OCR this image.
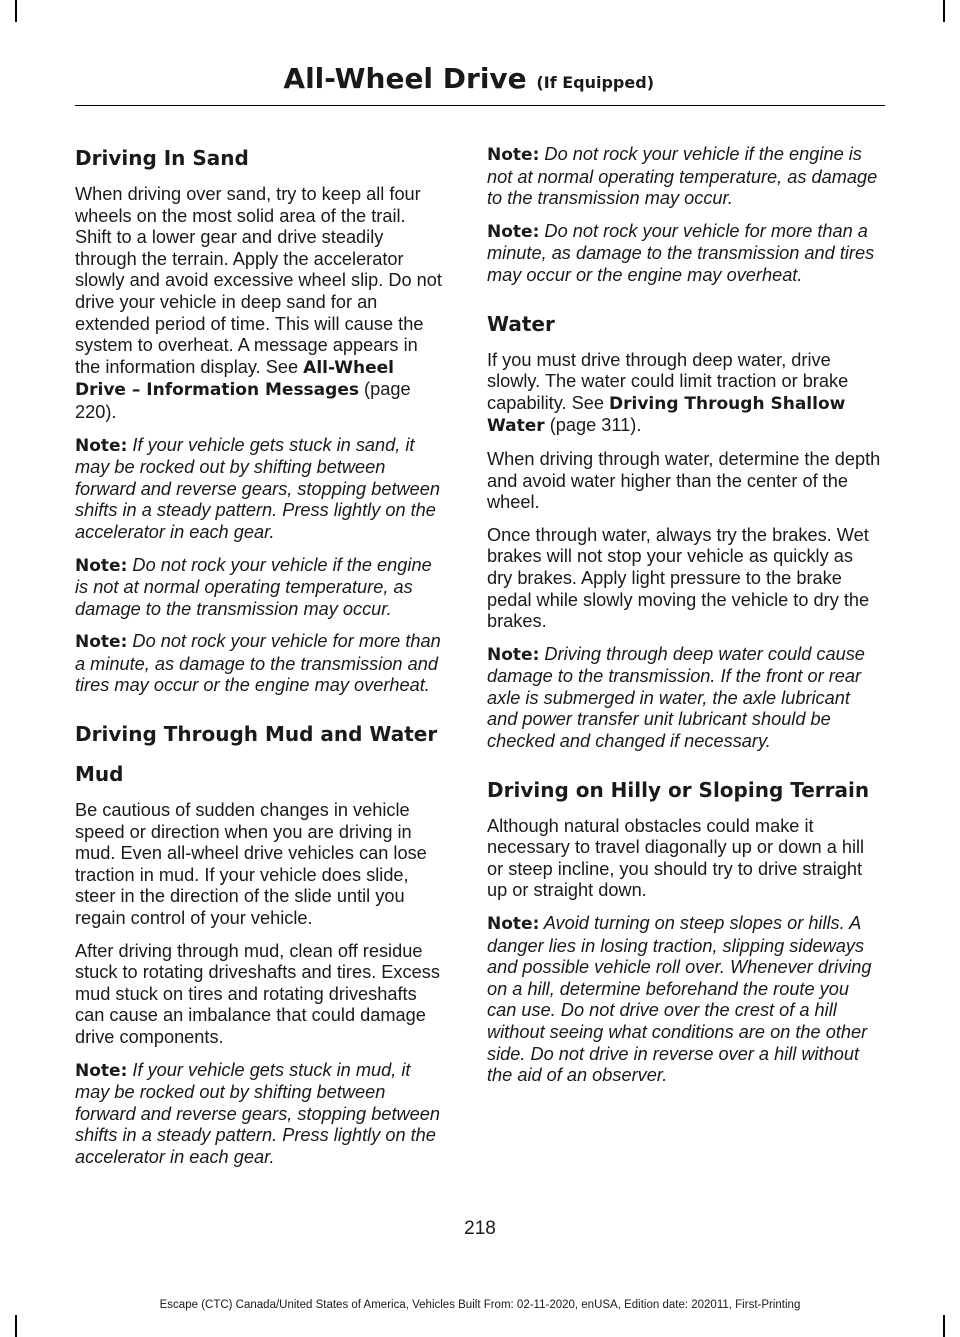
All-Wheel Drive (If Equipped)
Driving In Sand

When driving over sand, try to keep all four wheels on the most solid area of the trail. Shift to a lower gear and drive steadily through the terrain. Apply the accelerator slowly and avoid excessive wheel slip. Do not drive your vehicle in deep sand for an extended period of time. This will cause the system to overheat. A message appears in the information display. See All-Wheel Drive – Information Messages (page 220).

Note: If your vehicle gets stuck in sand, it may be rocked out by shifting between forward and reverse gears, stopping between shifts in a steady pattern. Press lightly on the accelerator in each gear.

Note: Do not rock your vehicle if the engine is not at normal operating temperature, as damage to the transmission may occur.

Note: Do not rock your vehicle for more than a minute, as damage to the transmission and tires may occur or the engine may overheat.

Driving Through Mud and Water
Mud

Be cautious of sudden changes in vehicle speed or direction when you are driving in mud. Even all-wheel drive vehicles can lose traction in mud. If your vehicle does slide, steer in the direction of the slide until you regain control of your vehicle.

After driving through mud, clean off residue stuck to rotating driveshafts and tires. Excess mud stuck on tires and rotating driveshafts can cause an imbalance that could damage drive components.

Note: If your vehicle gets stuck in mud, it may be rocked out by shifting between forward and reverse gears, stopping between shifts in a steady pattern. Press lightly on the accelerator in each gear.

Note: Do not rock your vehicle if the engine is not at normal operating temperature, as damage to the transmission may occur.

Note: Do not rock your vehicle for more than a minute, as damage to the transmission and tires may occur or the engine may overheat.

Water

If you must drive through deep water, drive slowly. The water could limit traction or brake capability. See Driving Through Shallow Water (page 311).

When driving through water, determine the depth and avoid water higher than the center of the wheel.

Once through water, always try the brakes. Wet brakes will not stop your vehicle as quickly as dry brakes. Apply light pressure to the brake pedal while slowly moving the vehicle to dry the brakes.

Note: Driving through deep water could cause damage to the transmission. If the front or rear axle is submerged in water, the axle lubricant and power transfer unit lubricant should be checked and changed if necessary.

Driving on Hilly or Sloping Terrain

Although natural obstacles could make it necessary to travel diagonally up or down a hill or steep incline, you should try to drive straight up or straight down.

Note: Avoid turning on steep slopes or hills. A danger lies in losing traction, slipping sideways and possible vehicle roll over. Whenever driving on a hill, determine beforehand the route you can use. Do not drive over the crest of a hill without seeing what conditions are on the other side. Do not drive in reverse over a hill without the aid of an observer.

218
Escape (CTC) Canada/United States of America, Vehicles Built From: 02-11-2020, enUSA, Edition date: 202011, First-Printing
